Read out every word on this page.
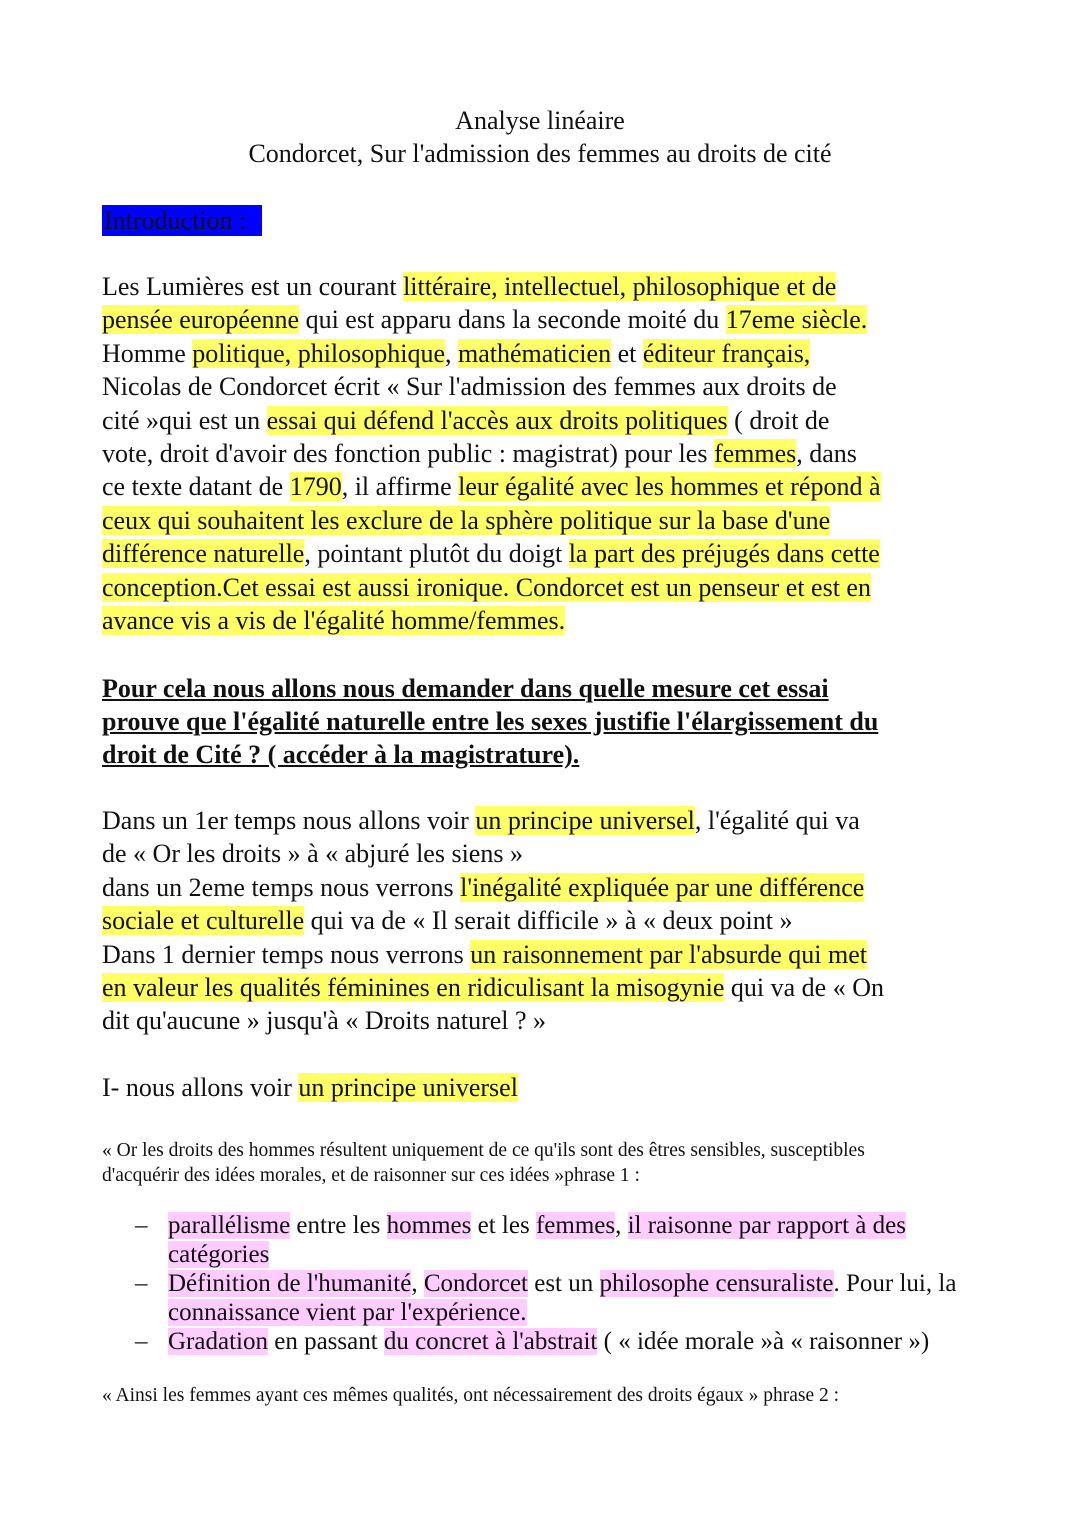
Analyse linéaire
Condorcet, Sur l'admission des femmes au droits de cité
Introduction :
Les Lumières est un courant littéraire, intellectuel, philosophique et de
pensée européenne qui est apparu dans la seconde moité du 17eme siècle.
Homme politique, philosophique, mathématicien et éditeur français,
Nicolas de Condorcet écrit « Sur l'admission des femmes aux droits de
cité »qui est un essai qui défend l'accès aux droits politiques ( droit de
vote, droit d'avoir des fonction public : magistrat) pour les femmes, dans
ce texte datant de 1790, il affirme leur égalité avec les hommes et répond à
ceux qui souhaitent les exclure de la sphère politique sur la base d'une
différence naturelle, pointant plutôt du doigt la part des préjugés dans cette
conception.Cet essai est aussi ironique. Condorcet est un penseur et est en
avance vis a vis de l'égalité homme/femmes.
Pour cela nous allons nous demander dans quelle mesure cet essai
prouve que l'égalité naturelle entre les sexes justifie l'élargissement du
droit de Cité ? ( accéder à la magistrature).
Dans un 1er temps nous allons voir un principe universel, l'égalité qui va
de « Or les droits » à « abjuré les siens »
dans un 2eme temps nous verrons l'inégalité expliquée par une différence
sociale et culturelle qui va de « Il serait difficile » à « deux point »
Dans 1 dernier temps nous verrons un raisonnement par l'absurde qui met
en valeur les qualités féminines en ridiculisant la misogynie qui va de « On
dit qu'aucune » jusqu'à « Droits naturel ? »
I- nous allons voir un principe universel
« Or les droits des hommes résultent uniquement de ce qu'ils sont des êtres sensibles, susceptibles
d'acquérir des idées morales, et de raisonner sur ces idées »phrase 1 :
– parallélisme entre les hommes et les femmes, il raisonne par rapport à des
catégories
– Définition de l'humanité, Condorcet est un philosophe censuraliste. Pour lui, la
connaissance vient par l'expérience.
– Gradation en passant du concret à l'abstrait ( « idée morale »à « raisonner »)
« Ainsi les femmes ayant ces mêmes qualités, ont nécessairement des droits égaux » phrase 2 :
